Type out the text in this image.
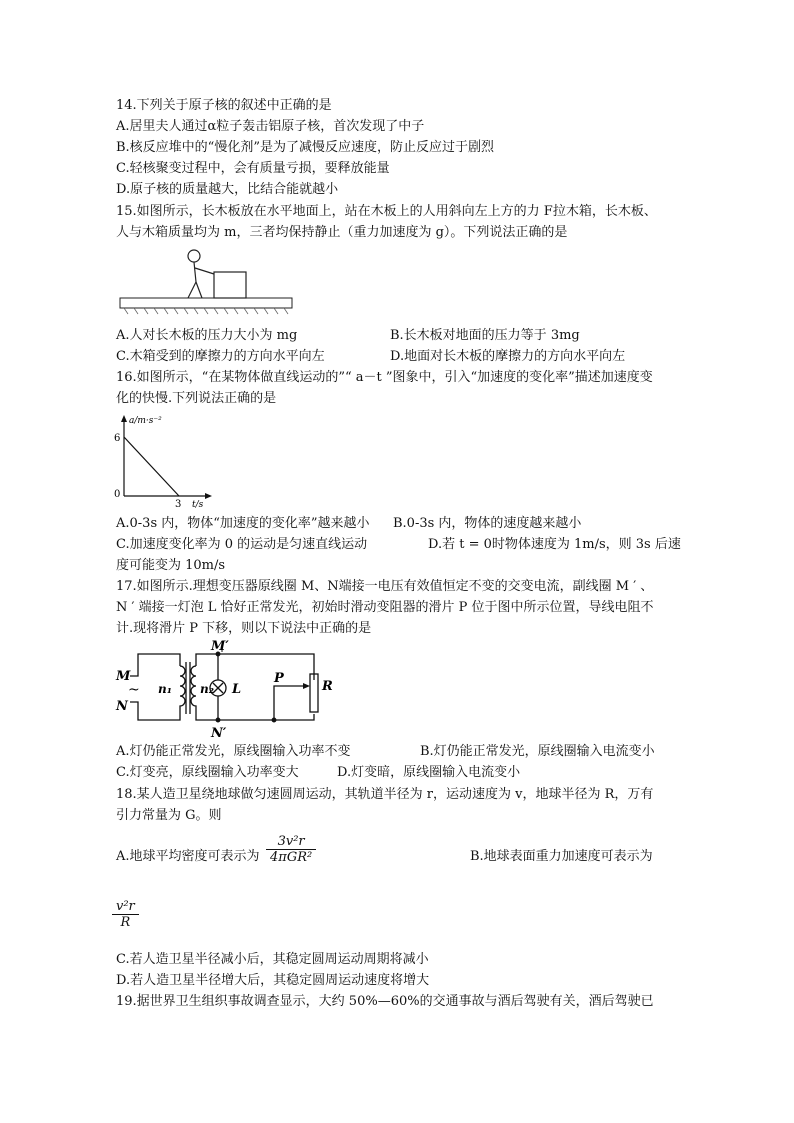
14.下列关于原子核的叙述中正确的是
A.居里夫人通过α粒子轰击铝原子核，首次发现了中子
B.核反应堆中的“慢化剂”是为了减慢反应速度，防止反应过于剧烈
C.轻核聚变过程中，会有质量亏损，要释放能量
D.原子核的质量越大，比结合能就越小
15.如图所示，长木板放在水平地面上，站在木板上的人用斜向左上方的力 F拉木箱，长木板、
人与木箱质量均为 m，三者均保持静止（重力加速度为 g）。下列说法正确的是
A.人对长木板的压力大小为 mg	B.长木板对地面的压力等于 3mg
C.木箱受到的摩擦力的方向水平向左	D.地面对长木板的摩擦力的方向水平向左
16.如图所示，“在某物体做直线运动的”“ a－t ”图象中，引入“加速度的变化率”描述加速度变
化的快慢.下列说法正确的是
a/m·s⁻²
6
0
3 t/s
A.0-3s 内，物体“加速度的变化率”越来越小 B.0-3s 内，物体的速度越来越小
C.加速度变化率为 0 的运动是匀速直线运动	D.若 t = 0时物体速度为 1m/s，则 3s 后速
度可能变为 10m/s
17.如图所示.理想变压器原线圈 M、N端接一电压有效值恒定不变的交变电流，副线圈 M ′ 、
N ′ 端接一灯泡 L 恰好正常发光，初始时滑动变阻器的滑片 P 位于图中所示位置，导线电阻不
计.现将滑片 P 下移，则以下说法中正确的是
M
N
~ n₁ n₂ L
M′
N′
P
R
A.灯仍能正常发光，原线圈输入功率不变	B.灯仍能正常发光，原线圈输入电流变小
C.灯变亮，原线圈输入功率变大	D.灯变暗，原线圈输入电流变小
18.某人造卫星绕地球做匀速圆周运动，其轨道半径为 r，运动速度为 v，地球半径为 R，万有
引力常量为 G。则
A.地球平均密度可表示为
3v²r
4πGR²	B.地球表面重力加速度可表示为
$\frac{\text{v²r}}{R}$
C.若人造卫星半径减小后，其稳定圆周运动周期将减小
D.若人造卫星半径增大后，其稳定圆周运动速度将增大
19.据世界卫生组织事故调查显示，大约 50%—60%的交通事故与酒后驾驶有关，酒后驾驶已
